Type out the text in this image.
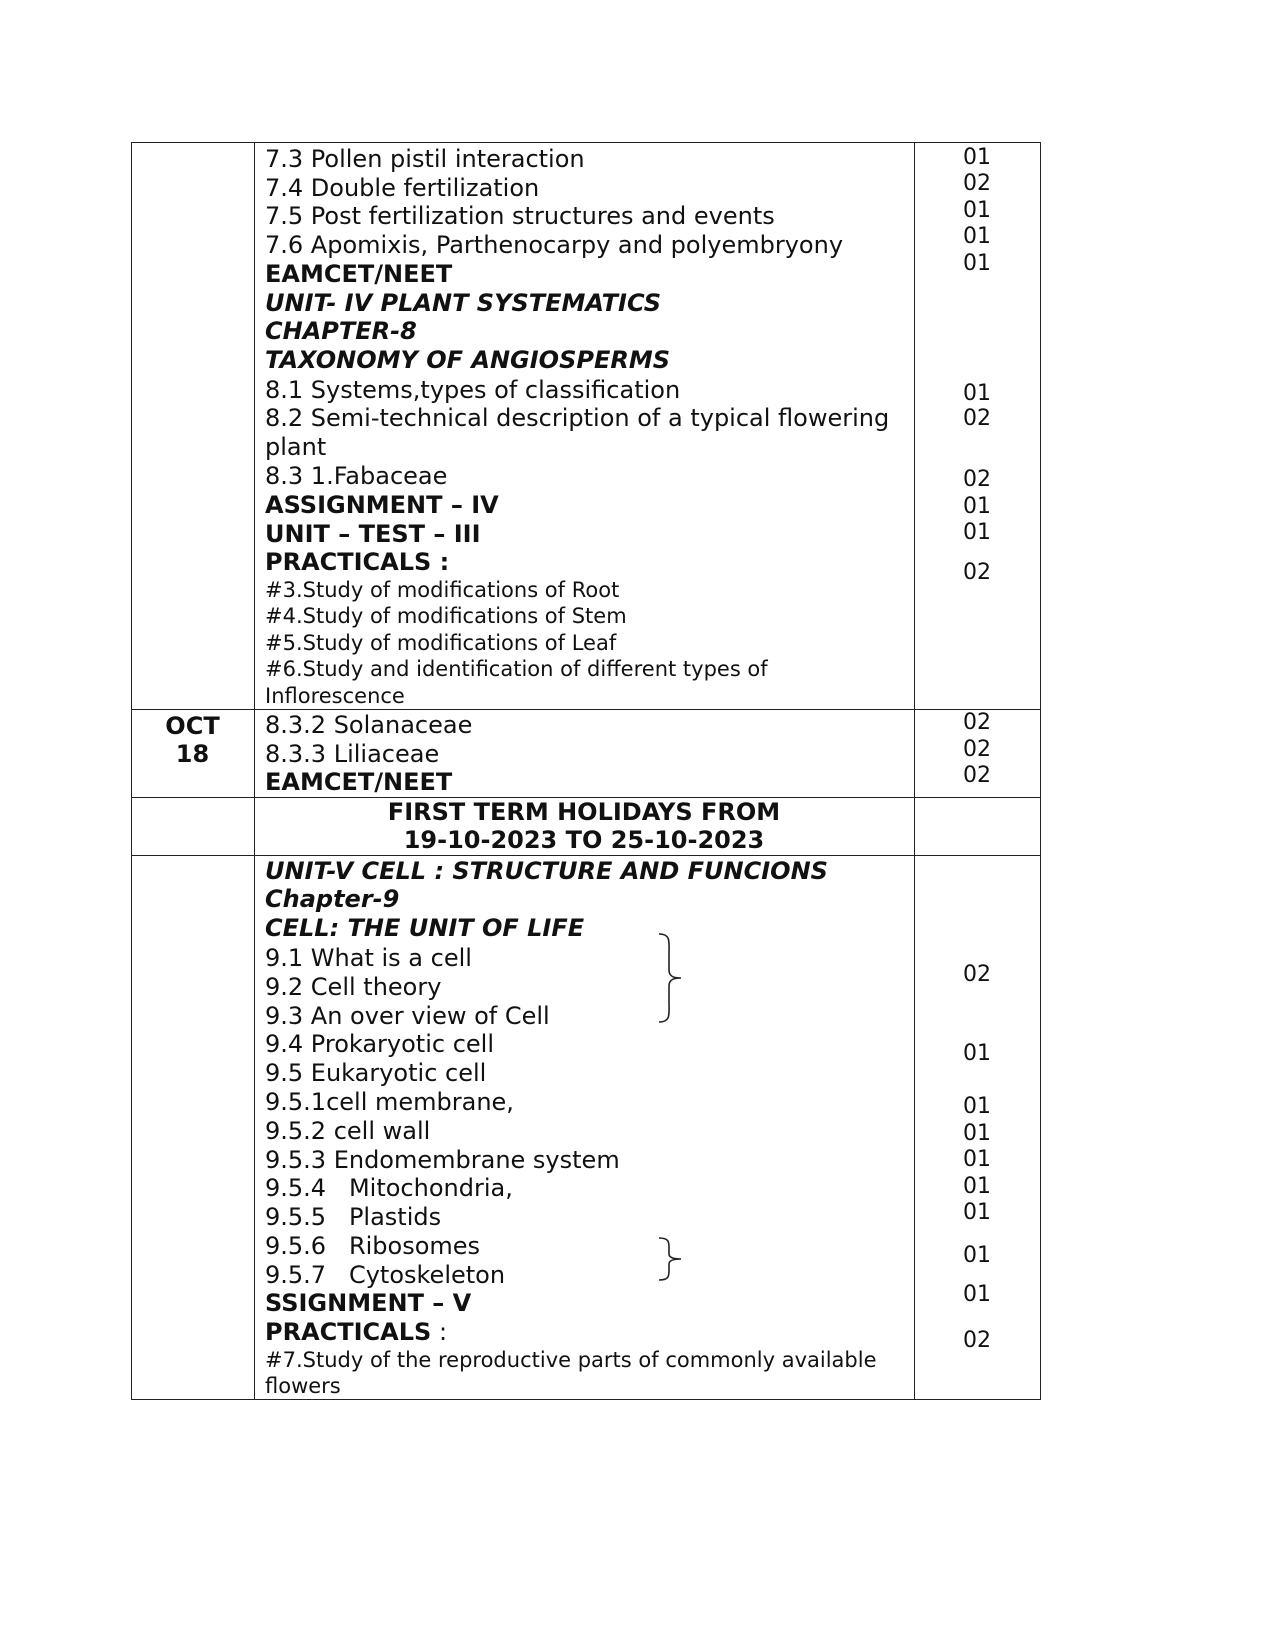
7.3 Pollen pistil interaction
7.4 Double fertilization
7.5 Post fertilization structures and events
7.6 Apomixis, Parthenocarpy and polyembryony
EAMCET/NEET
UNIT- IV PLANT SYSTEMATICS
CHAPTER-8
TAXONOMY OF ANGIOSPERMS
8.1 Systems,types of classification
8.2 Semi-technical description of a typical flowering
plant
8.3 1.Fabaceae
ASSIGNMENT – IV
UNIT – TEST – III
PRACTICALS :
#3.Study of modifications of Root
#4.Study of modifications of Stem
#5.Study of modifications of Leaf
#6.Study and identification of different types of
Inflorescence
01
02
01
01
01
01
02
02
01
01
02
OCT
18
8.3.2 Solanaceae
8.3.3 Liliaceae
EAMCET/NEET
02
02
02
FIRST TERM HOLIDAYS FROM
19-10-2023 TO 25-10-2023
UNIT-V CELL : STRUCTURE AND FUNCIONS
Chapter-9
CELL: THE UNIT OF LIFE
9.1 What is a cell
9.2 Cell theory
9.3 An over view of Cell
9.4 Prokaryotic cell
9.5 Eukaryotic cell
9.5.1cell membrane,
9.5.2 cell wall
9.5.3 Endomembrane system
9.5.4   Mitochondria,
9.5.5   Plastids
9.5.6   Ribosomes
9.5.7   Cytoskeleton
SSIGNMENT – V
PRACTICALS :
#7.Study of the reproductive parts of commonly available
flowers
02
01
01
01
01
01
01
01
01
02
